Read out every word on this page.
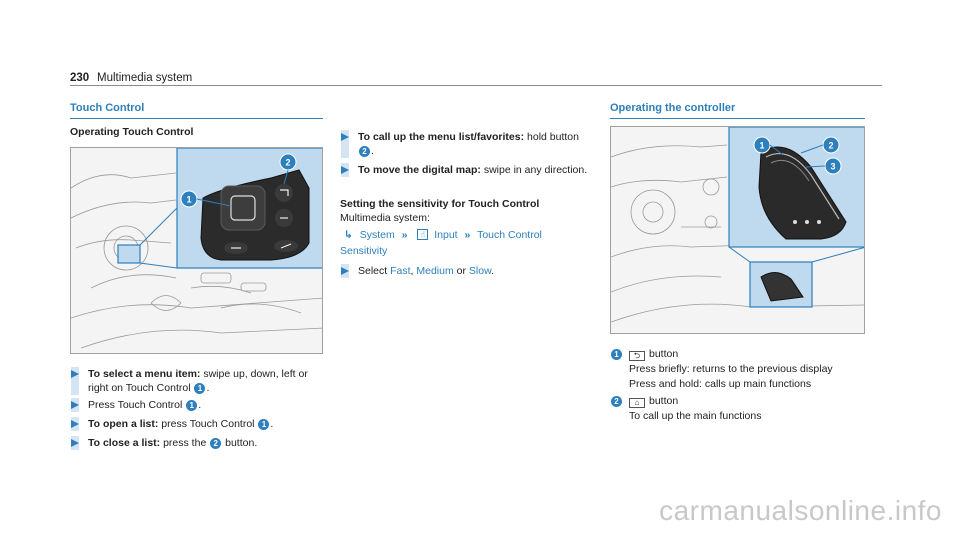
230 Multimedia system
Touch Control
Operating Touch Control
1
2
To select a menu item: swipe up, down, left or right on Touch Control 1 .
Press Touch Control 1 .
To open a list: press Touch Control 1 .
To close a list: press the 2 button.
To call up the menu list/favorites: hold button 2 .
To move the digital map: swipe in any direction.
Setting the sensitivity for Touch Control
Multimedia system:
↳ System » ☝ Input » Touch Control
Sensitivity
Select Fast, Medium or Slow.
Operating the controller
1	2
3
1	⮌ button
Press briefly: returns to the previous display
Press and hold: calls up main functions
2	⌂ button
To call up the main functions
carmanualsonline.info
